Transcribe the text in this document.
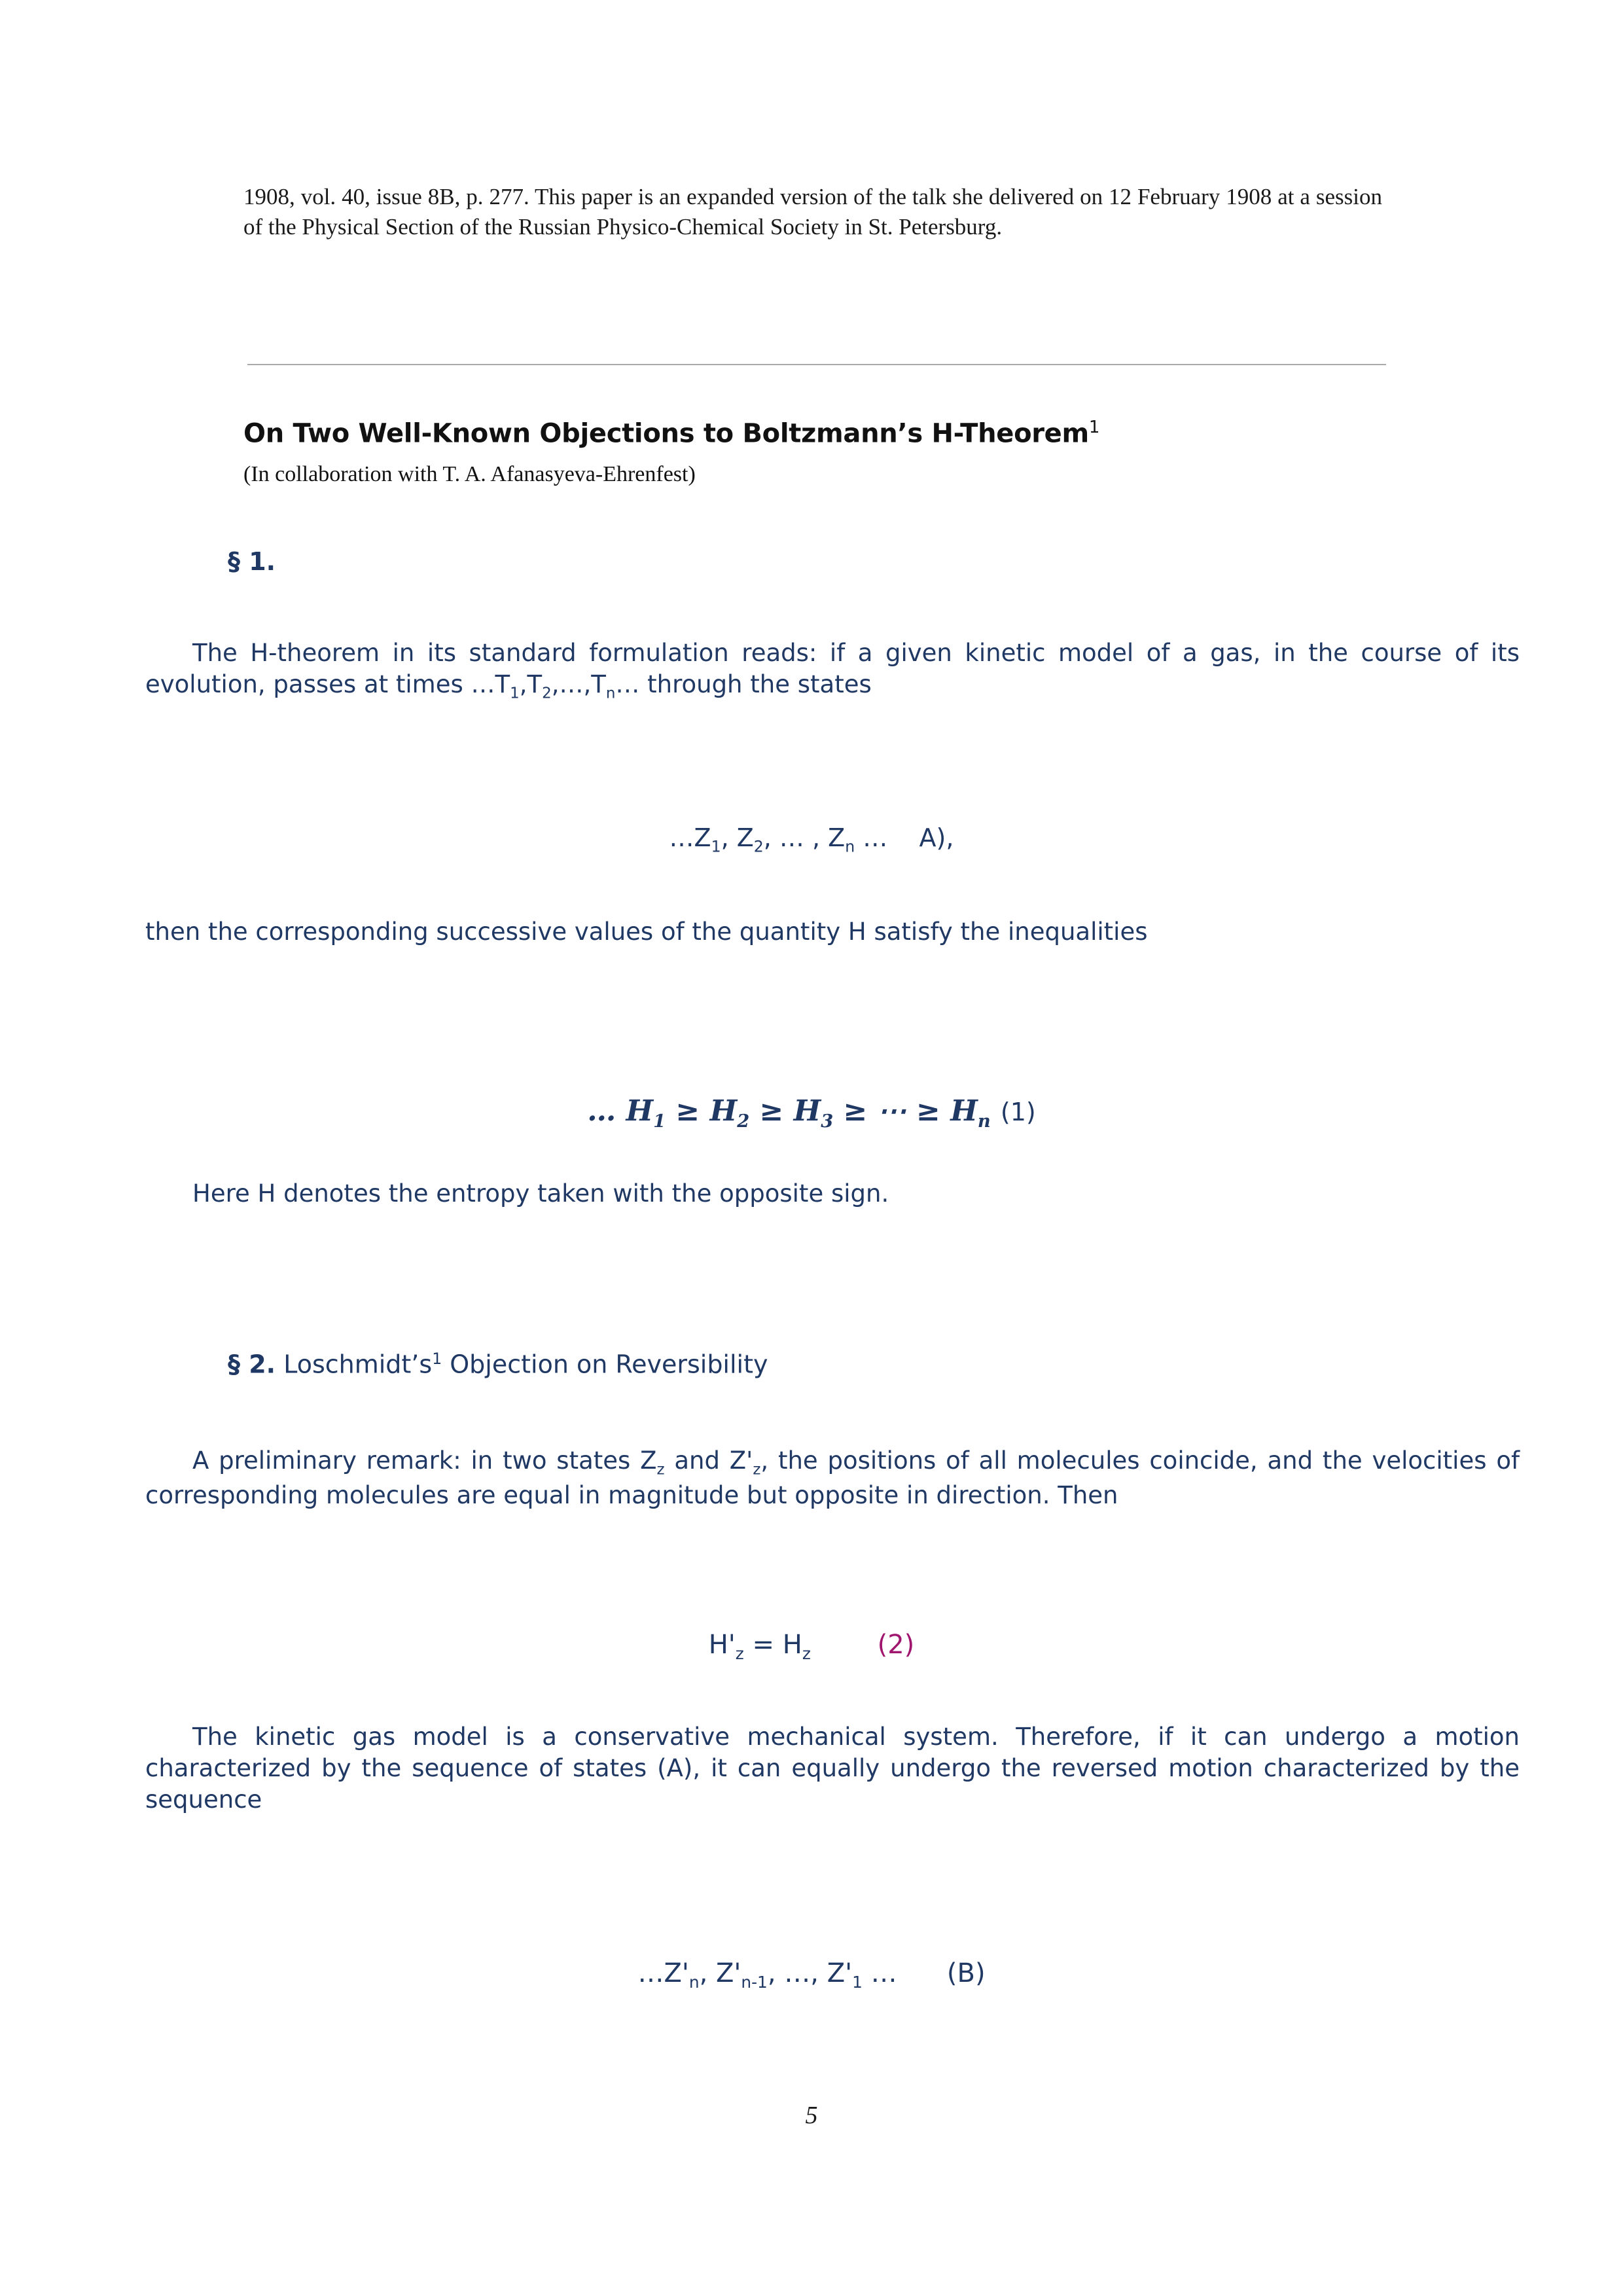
1908, vol. 40, issue 8B, p. 277. This paper is an expanded version of the talk she delivered on 12 February 1908 at a session of the Physical Section of the Russian Physico-Chemical Society in St. Petersburg.
On Two Well-Known Objections to Boltzmann’s H-Theorem$^1$
(In collaboration with T. A. Afanasyeva-Ehrenfest)
§ 1.
The H-theorem in its standard formulation reads: if a given kinetic model of a gas, in the course of its evolution, passes at times $\dots T_1,T_2,\dots,T_n\dots$ through the states
$\dots Z_1$, $Z_2$, … , $Z_n$ … A),
then the corresponding successive values of the quantity H satisfy the inequalities
… $H_1 \ge H_2 \ge H_3$ ≥ ⋯ ≥ $H_n$ (1)
Here H denotes the entropy taken with the opposite sign.
§ 2. $Loschmidt’s^1$ Objection on Reversibility
A preliminary remark: in two states $Z_z$ and $Z'_z$, the positions of all molecules coincide, and the velocities of corresponding molecules are equal in magnitude but opposite in direction. Then
$H'_z = H_z$	(2)
The kinetic gas model is a conservative mechanical system. Therefore, if it can undergo a motion characterized by the sequence of states (A), it can equally undergo the reversed motion characterized by the sequence
$\dots Z'_n$, $Z'_{n-1}$, …, $Z'_1$ … (B)
5
